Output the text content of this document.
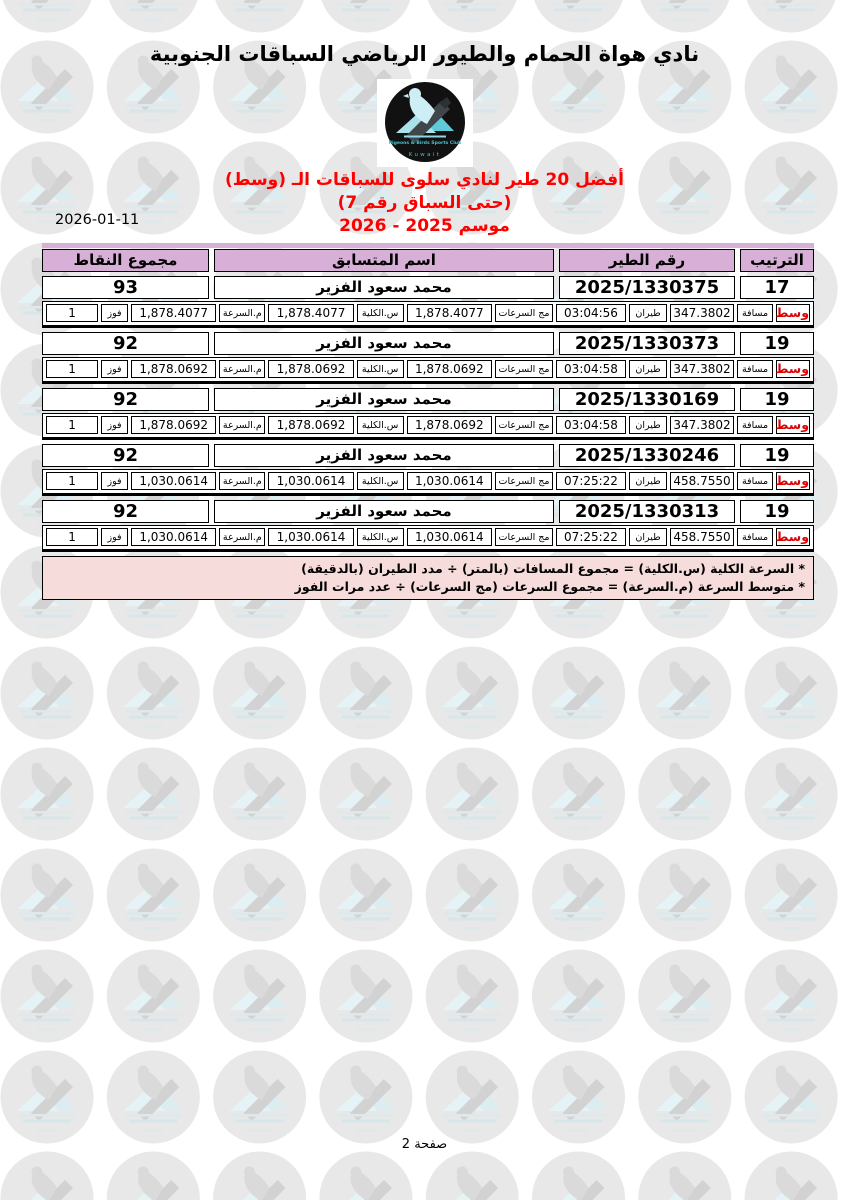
نادي هواة الحمام والطيور الرياضي السباقات الجنوبية
Pigeons & Birds Sports Club
Kuwait
2026-01-11
أفضل 20 طير لنادي سلوى للسباقات الـ (وسط)
(حتى السباق رقم 7)
موسم 2025 - 2026
الترتيب
رقم الطير
اسم المتسابق
مجموع النقاط
17
2025/1330375
محمد سعود الفزير
93
وسط
مسافة
347.3802
طيران
03:04:56
مج السرعات
1,878.4077
س.الكلية
1,878.4077
م.السرعة
1,878.4077
فوز
1
19
2025/1330373
محمد سعود الفزير
92
وسط
مسافة
347.3802
طيران
03:04:58
مج السرعات
1,878.0692
س.الكلية
1,878.0692
م.السرعة
1,878.0692
فوز
1
19
2025/1330169
محمد سعود الفزير
92
وسط
مسافة
347.3802
طيران
03:04:58
مج السرعات
1,878.0692
س.الكلية
1,878.0692
م.السرعة
1,878.0692
فوز
1
19
2025/1330246
محمد سعود الفزير
92
وسط
مسافة
458.7550
طيران
07:25:22
مج السرعات
1,030.0614
س.الكلية
1,030.0614
م.السرعة
1,030.0614
فوز
1
19
2025/1330313
محمد سعود الفزير
92
وسط
مسافة
458.7550
طيران
07:25:22
مج السرعات
1,030.0614
س.الكلية
1,030.0614
م.السرعة
1,030.0614
فوز
1
* السرعة الكلية (س.الكلية) = مجموع المسافات (بالمتر) ÷ مدد الطيران (بالدقيقة)
* متوسط السرعة (م.السرعة) = مجموع السرعات (مج السرعات) ÷ عدد مرات الفوز
صفحة 2
